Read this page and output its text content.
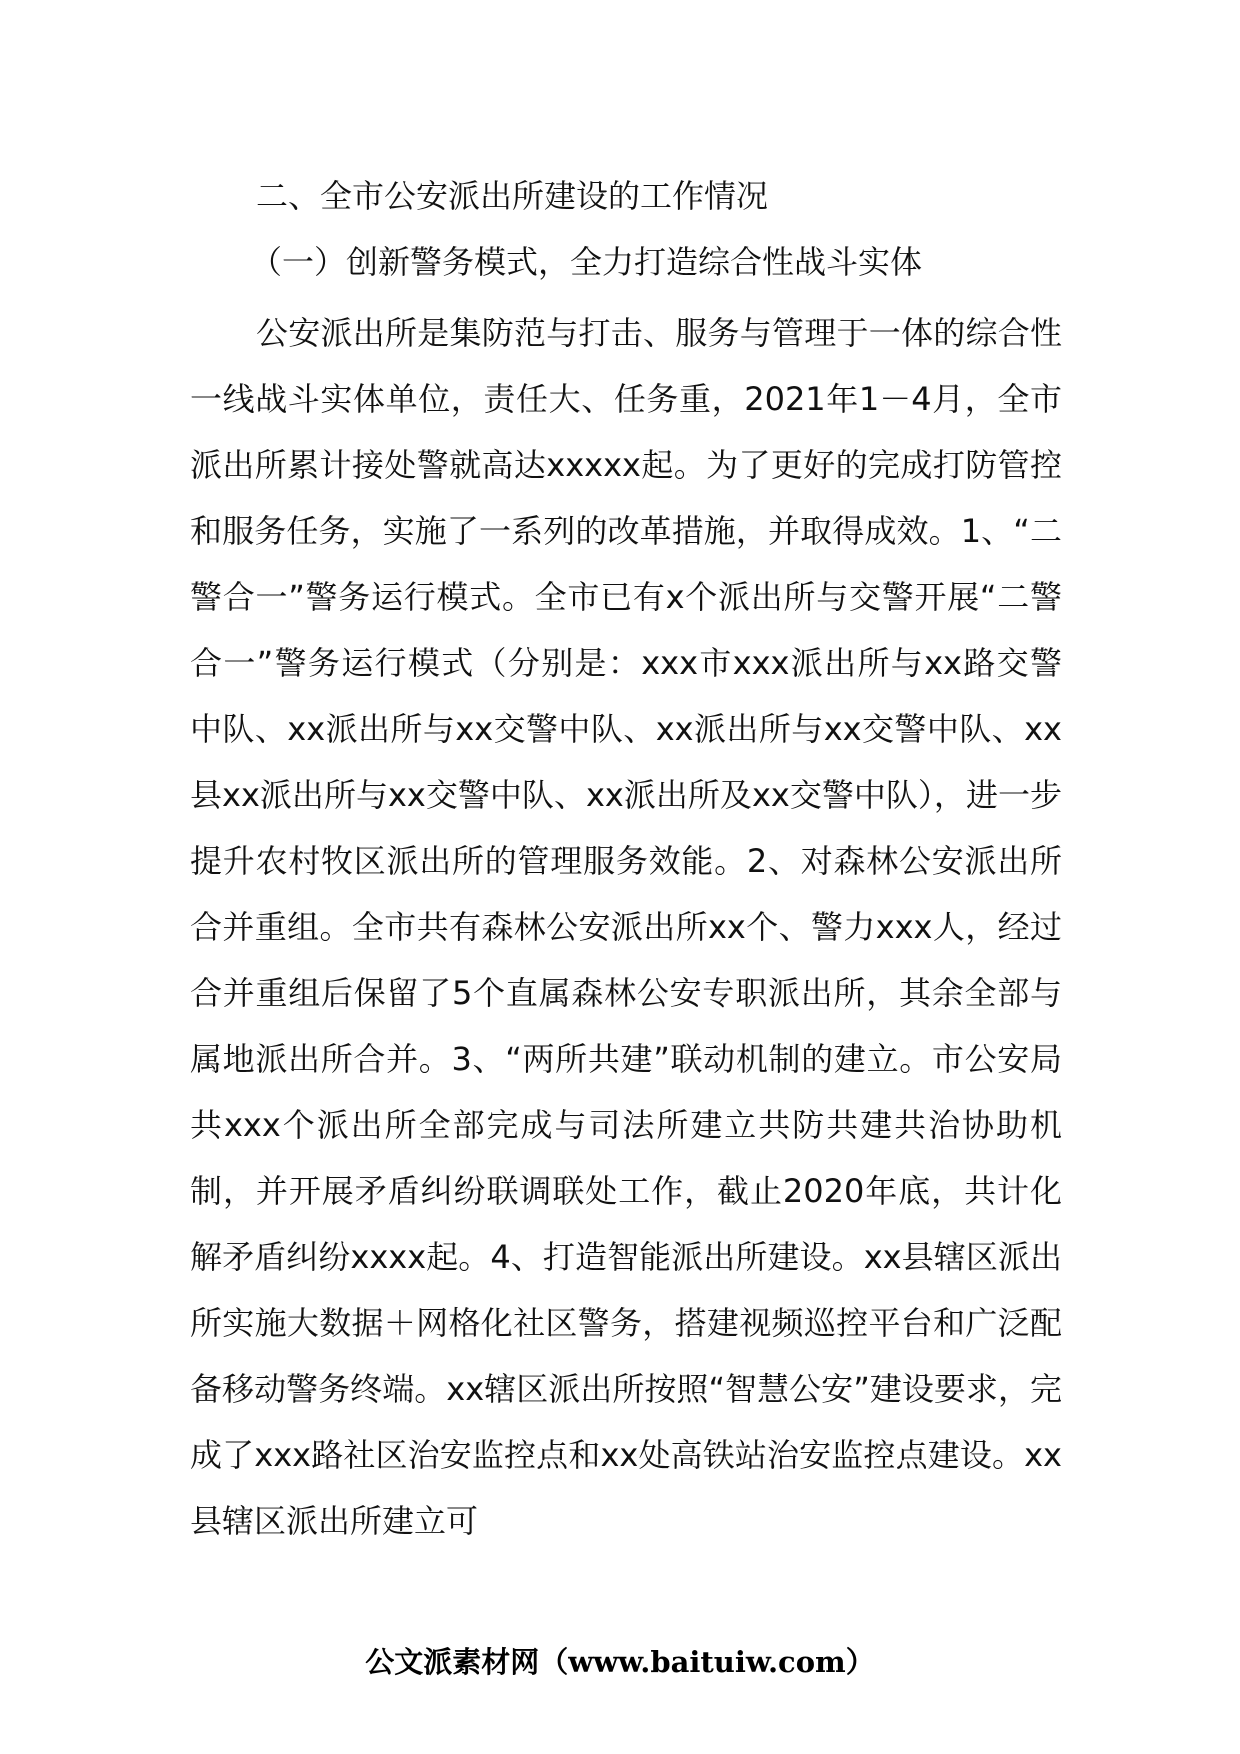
二、全市公安派出所建设的工作情况
（一）创新警务模式，全力打造综合性战斗实体

公安派出所是集防范与打击、服务与管理于一体的综合性一线战斗实体单位，责任大、任务重，2021年1－4月，全市派出所累计接处警就高达xxxxx起。为了更好的完成打防管控和服务任务，实施了一系列的改革措施，并取得成效。1、“二警合一”警务运行模式。全市已有x个派出所与交警开展“二警合一”警务运行模式（分别是：xxx市xxx派出所与xx路交警中队、xx派出所与xx交警中队、xx派出所与xx交警中队、xx县xx派出所与xx交警中队、xx派出所及xx交警中队），进一步提升农村牧区派出所的管理服务效能。2、对森林公安派出所合并重组。全市共有森林公安派出所xx个、警力xxx人，经过合并重组后保留了5个直属森林公安专职派出所，其余全部与属地派出所合并。3、“两所共建”联动机制的建立。市公安局共xxx个派出所全部完成与司法所建立共防共建共治协助机制，并开展矛盾纠纷联调联处工作，截止2020年底，共计化解矛盾纠纷xxxx起。4、打造智能派出所建设。xx县辖区派出所实施大数据＋网格化社区警务，搭建视频巡控平台和广泛配备移动警务终端。xx辖区派出所按照“智慧公安”建设要求，完成了xxx路社区治安监控点和xx处高铁站治安监控点建设。xx县辖区派出所建立可

公文派素材网（www.baituiw.com）
